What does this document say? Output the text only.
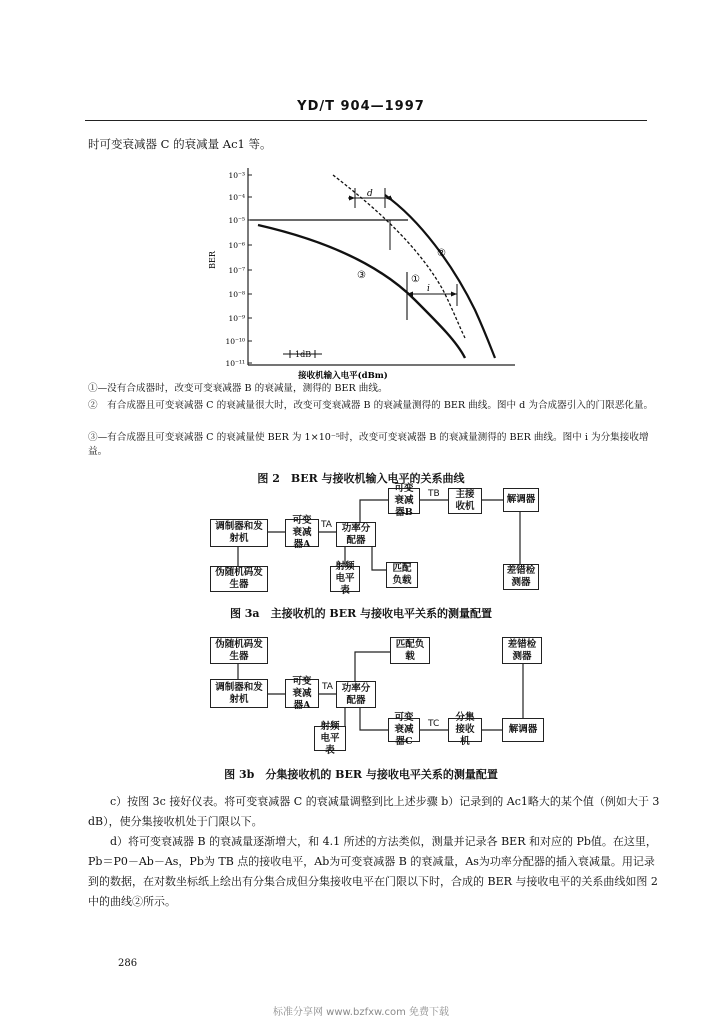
YD/T 904—1997
时可变衰减器 C 的衰减量 Ac1 等。
10⁻³
10⁻⁴
10⁻⁵
10⁻⁶
10⁻⁷
10⁻⁸
10⁻⁹
10⁻¹⁰
10⁻¹¹
BER
接收机输入电平(dBm)
d
i
②
①
③
1dB
①—没有合成器时，改变可变衰减器 B 的衰减量，测得的 BER 曲线。
②　有合成器且可变衰减器 C 的衰减量很大时，改变可变衰减器 B 的衰减量测得的 BER 曲线。图中 d 为合成器引入的门限恶化量。
③—有合成器且可变衰减器 C 的衰减量使 BER 为 1×10⁻⁵时，改变可变衰减器 B 的衰减量测得的 BER 曲线。图中 i 为分集接收增益。
图 2　BER 与接收机输入电平的关系曲线
调制器和发射机
伪随机码发生器
可变衰减器A
功率分配器
可变衰减器B
主接收机
解调器
差错检测器
射频电平表
匹配负载
TA
TB
图 3a　主接收机的 BER 与接收电平关系的测量配置
伪随机码发生器
调制器和发射机
可变衰减器A
功率分配器
匹配负载
差错检测器
射频电平表
可变衰减器C
分集接收机
解调器
TA
TC
图 3b　分集接收机的 BER 与接收电平关系的测量配置
c）按图 3c 接好仪表。将可变衰减器 C 的衰减量调整到比上述步骤 b）记录到的 Ac1略大的某个值（例如大于 3 dB），使分集接收机处于门限以下。
d）将可变衰减器 B 的衰减量逐渐增大，和 4.1 所述的方法类似，测量并记录各 BER 和对应的 Pb值。在这里，Pb＝P0－Ab－As，Pb为 TB 点的接收电平，Ab为可变衰减器 B 的衰减量，As为功率分配器的插入衰减量。用记录到的数据，在对数坐标纸上绘出有分集合成但分集接收电平在门限以下时，合成的 BER 与接收电平的关系曲线如图 2 中的曲线②所示。
286
标准分享网 www.bzfxw.com 免费下载
